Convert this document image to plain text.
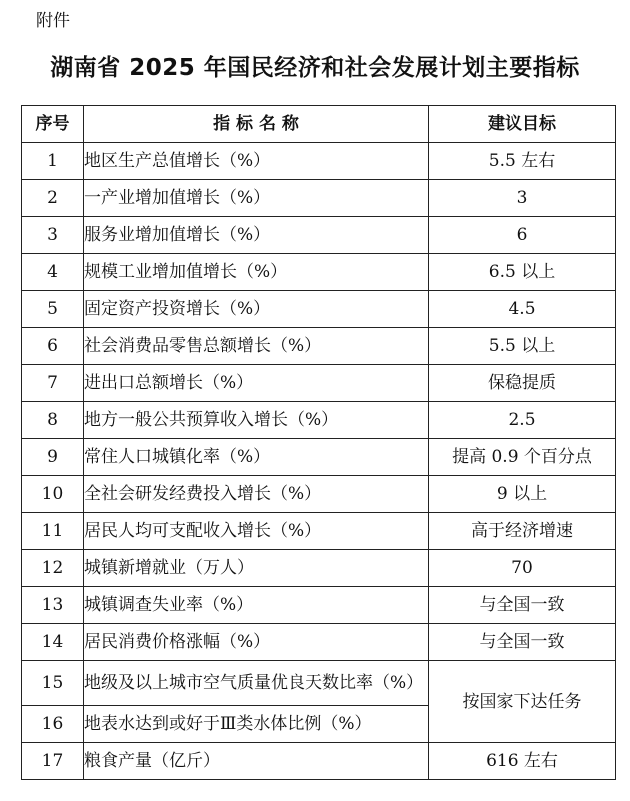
附件
湖南省 2025 年国民经济和社会发展计划主要指标
序号	指 标 名 称	建议目标
1	地区生产总值增长（%）	5.5 左右
2	一产业增加值增长（%）	3
3	服务业增加值增长（%）	6
4	规模工业增加值增长（%）	6.5 以上
5	固定资产投资增长（%）	4.5
6	社会消费品零售总额增长（%）	5.5 以上
7	进出口总额增长（%）	保稳提质
8	地方一般公共预算收入增长（%）	2.5
9	常住人口城镇化率（%）	提高 0.9 个百分点
10	全社会研发经费投入增长（%）	9 以上
11	居民人均可支配收入增长（%）	高于经济增速
12	城镇新增就业（万人）	70
13	城镇调查失业率（%）	与全国一致
14	居民消费价格涨幅（%）	与全国一致
15	地级及以上城市空气质量优良天数比率（%）	按国家下达任务
16	地表水达到或好于Ⅲ类水体比例（%）	
17	粮食产量（亿斤）	616 左右
